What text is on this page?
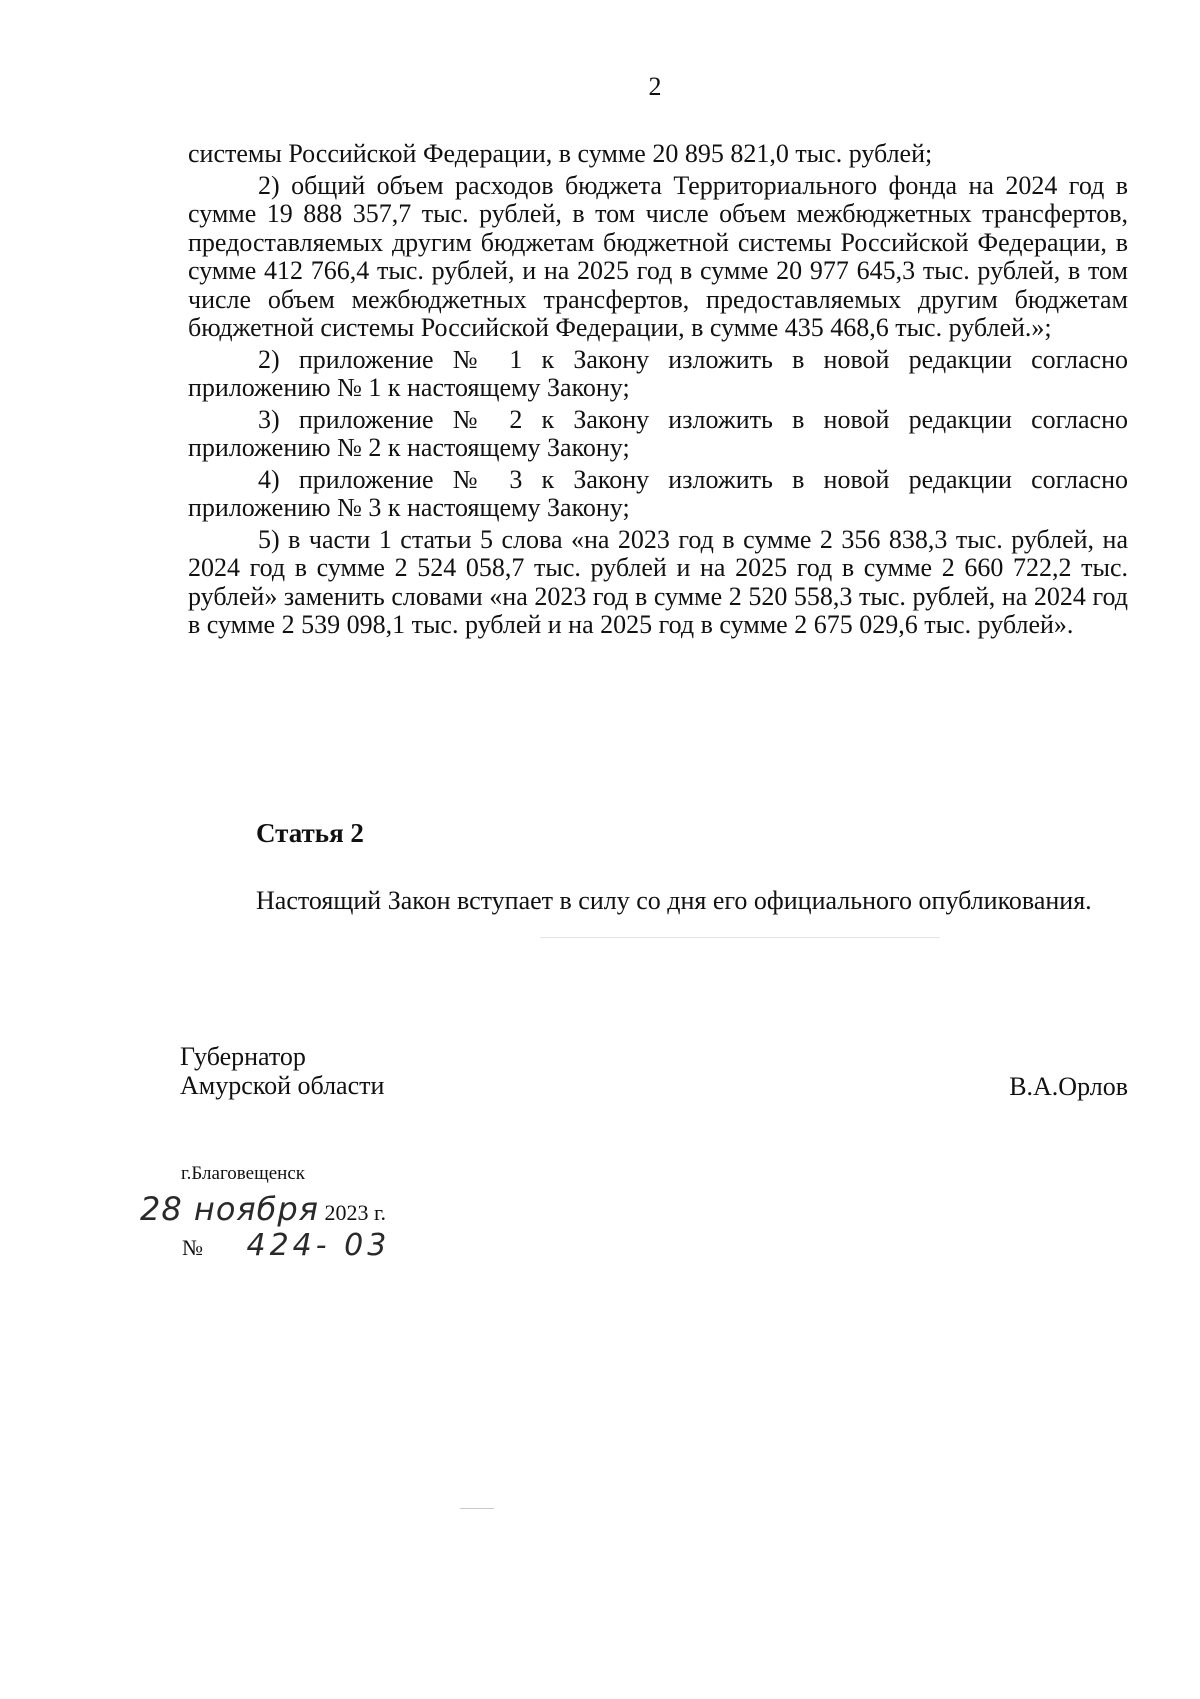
2

системы Российской Федерации, в сумме 20 895 821,0 тыс. рублей;

2) общий объем расходов бюджета Территориального фонда на 2024 год в сумме 19 888 357,7 тыс. рублей, в том числе объем межбюджетных трансфертов, предоставляемых другим бюджетам бюджетной системы Российской Федерации, в сумме 412 766,4 тыс. рублей, и на 2025 год в сумме 20 977 645,3 тыс. рублей, в том числе объем межбюджетных трансфертов, предоставляемых другим бюджетам бюджетной системы Российской Федерации, в сумме 435 468,6 тыс. рублей.»;

2) приложение № 1 к Закону изложить в новой редакции согласно приложению № 1 к настоящему Закону;

3) приложение № 2 к Закону изложить в новой редакции согласно приложению № 2 к настоящему Закону;

4) приложение № 3 к Закону изложить в новой редакции согласно приложению № 3 к настоящему Закону;

5) в части 1 статьи 5 слова «на 2023 год в сумме 2 356 838,3 тыс. рублей, на 2024 год в сумме 2 524 058,7 тыс. рублей и на 2025 год в сумме 2 660 722,2 тыс. рублей» заменить словами «на 2023 год в сумме 2 520 558,3 тыс. рублей, на 2024 год в сумме 2 539 098,1 тыс. рублей и на 2025 год в сумме 2 675 029,6 тыс. рублей».

Статья 2

Настоящий Закон вступает в силу со дня его официального опубликования.

Губернатор
Амурской области	В.А.Орлов
г.Благовещенск
28 ноября 2023 г.
№ 424- 03
